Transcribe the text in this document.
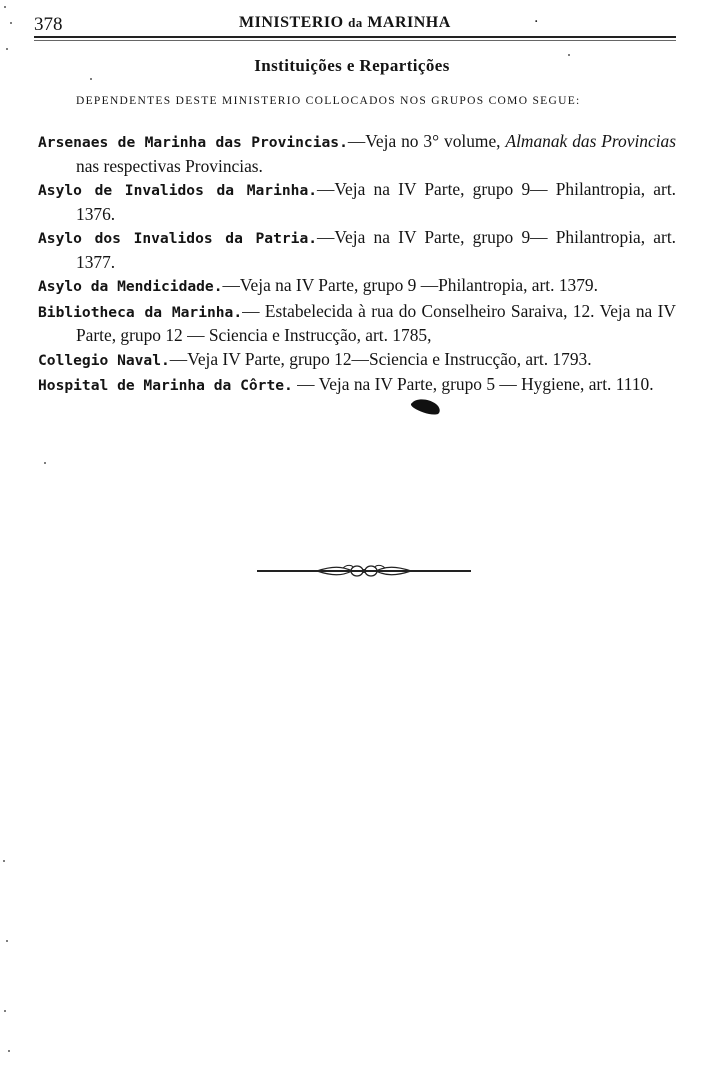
378	MINISTERIO da MARINHA	·
Instituições e Repartições
DEPENDENTES DESTE MINISTERIO COLLOCADOS NOS GRUPOS COMO SEGUE:

Arsenaes de Marinha das Provincias.—Veja no 3° volume, Almanak das Provincias nas respectivas Provincias.

Asylo de Invalidos da Marinha.—Veja na IV Parte, grupo 9— Philantropia, art. 1376.

Asylo dos Invalidos da Patria.—Veja na IV Parte, grupo 9— Philantropia, art. 1377.

Asylo da Mendicidade.—Veja na IV Parte, grupo 9 —Philantropia, art. 1379.

Bibliotheca da Marinha.— Estabelecida à rua do Conselheiro Saraiva, 12. Veja na IV Parte, grupo 12 — Sciencia e Instrucção, art. 1785,

Collegio Naval.—Veja IV Parte, grupo 12—Sciencia e Instrucção, art. 1793.

Hospital de Marinha da Côrte. — Veja na IV Parte, grupo 5 — Hygiene, art. 1110.
